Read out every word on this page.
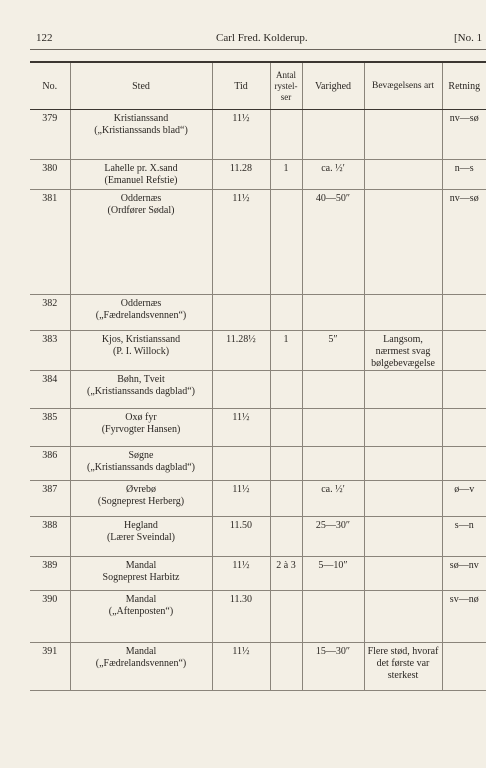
122	Carl Fred. Kolderup.	[No. 1
No.	Sted	Tid	Antal rystel- ser	Varighed	Bevægelsens art	Retning
379	Kristianssand
(„Kristianssands blad“)	11½				nv—sø
380	Lahelle pr. X.sand
(Emanuel Refstie)	11.28	1	ca. ½′		n—s
381	Oddernæs
(Ordfører Sødal)	11½		40—50″		nv—sø
382	Oddernæs
(„Fædrelandsvennen“)					

383	Kjos, Kristianssand
(P. I. Willock)	11.28½	1	5″	Langsom, nærmest svag bølgebevægelse	
384	Bøhn, Tveit
(„Kristianssands dagblad“)					

385	Oxø fyr
(Fyrvogter Hansen)	11½				
386	Søgne
(„Kristianssands dagblad“)					

387	Øvrebø
(Sogneprest Herberg)	11½		ca. ½′		ø—v
388	Hegland
(Lærer Sveindal)	11.50		25—30″		s—n
389	Mandal
Sogneprest Harbitz	11½	2 à 3	5—10″		sø—nv
390	Mandal
(„Aftenposten“)	11.30				sv—nø
391	Mandal
(„Fædrelandsvennen“)	11½		15—30″	Flere stød, hvoraf det første var sterkest	
